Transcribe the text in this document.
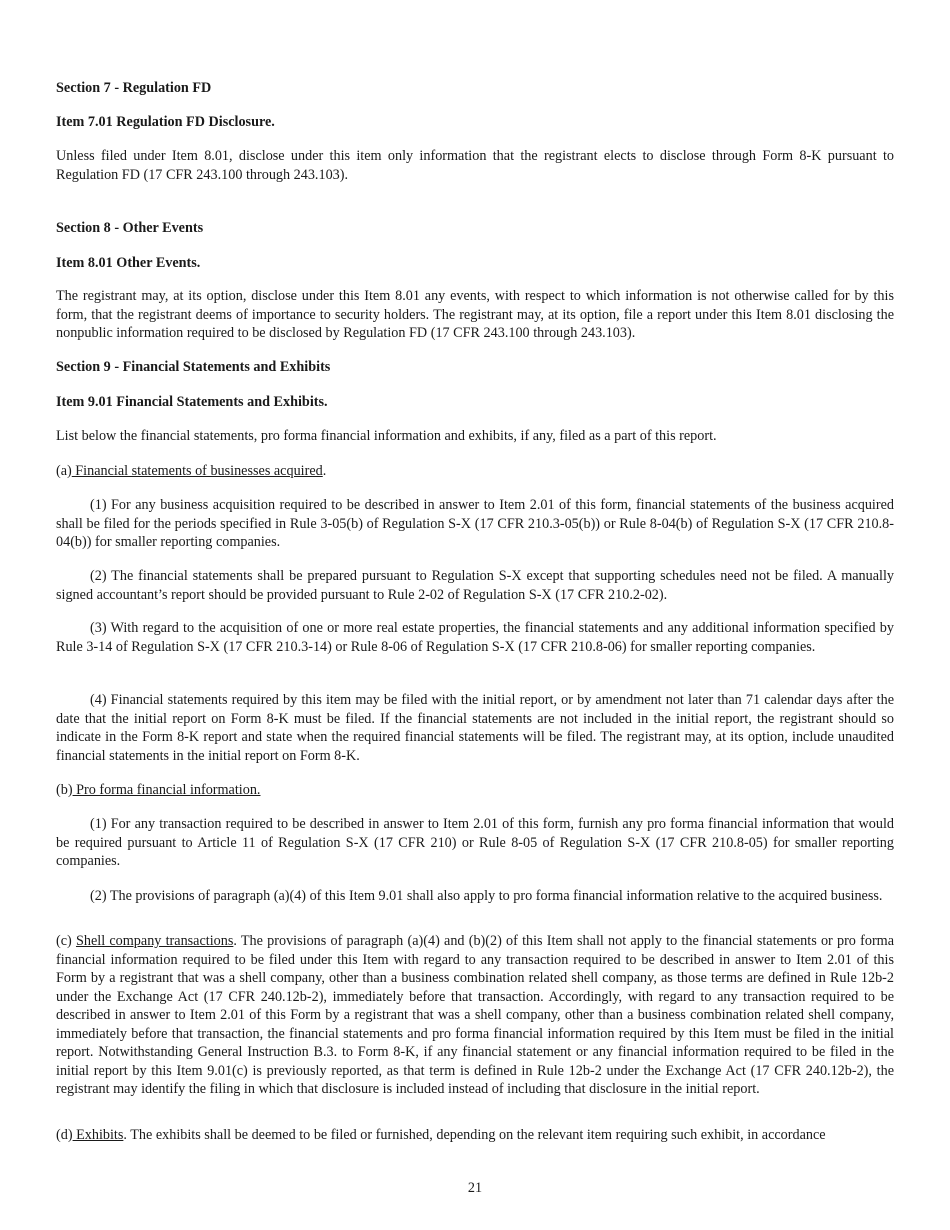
Section 7 - Regulation FD

Item 7.01 Regulation FD Disclosure.

Unless filed under Item 8.01, disclose under this item only information that the registrant elects to disclose through Form 8-K pursuant to Regulation FD (17 CFR 243.100 through 243.103).

Section 8 - Other Events

Item 8.01 Other Events.

The registrant may, at its option, disclose under this Item 8.01 any events, with respect to which information is not otherwise called for by this form, that the registrant deems of importance to security holders. The registrant may, at its option, file a report under this Item 8.01 disclosing the nonpublic information required to be disclosed by Regulation FD (17 CFR 243.100 through 243.103).

Section 9 - Financial Statements and Exhibits

Item 9.01 Financial Statements and Exhibits.

List below the financial statements, pro forma financial information and exhibits, if any, filed as a part of this report.

(a) Financial statements of businesses acquired.

(1) For any business acquisition required to be described in answer to Item 2.01 of this form, financial statements of the business acquired shall be filed for the periods specified in Rule 3-05(b) of Regulation S-X (17 CFR 210.3-05(b)) or Rule 8-04(b) of Regulation S-X (17 CFR 210.8-04(b)) for smaller reporting companies.

(2) The financial statements shall be prepared pursuant to Regulation S-X except that supporting schedules need not be filed. A manually signed accountant’s report should be provided pursuant to Rule 2-02 of Regulation S-X (17 CFR 210.2-02).

(3) With regard to the acquisition of one or more real estate properties, the financial statements and any additional information specified by Rule 3-14 of Regulation S-X (17 CFR 210.3-14) or Rule 8-06 of Regulation S-X (17 CFR 210.8-06) for smaller reporting companies.

(4) Financial statements required by this item may be filed with the initial report, or by amendment not later than 71 calendar days after the date that the initial report on Form 8-K must be filed. If the financial statements are not included in the initial report, the registrant should so indicate in the Form 8-K report and state when the required financial statements will be filed. The registrant may, at its option, include unaudited financial statements in the initial report on Form 8-K.

(b) Pro forma financial information.

(1) For any transaction required to be described in answer to Item 2.01 of this form, furnish any pro forma financial information that would be required pursuant to Article 11 of Regulation S-X (17 CFR 210) or Rule 8-05 of Regulation S-X (17 CFR 210.8-05) for smaller reporting companies.

(2) The provisions of paragraph (a)(4) of this Item 9.01 shall also apply to pro forma financial information relative to the acquired business.

(c) Shell company transactions. The provisions of paragraph (a)(4) and (b)(2) of this Item shall not apply to the financial statements or pro forma financial information required to be filed under this Item with regard to any transaction required to be described in answer to Item 2.01 of this Form by a registrant that was a shell company, other than a business combination related shell company, as those terms are defined in Rule 12b-2 under the Exchange Act (17 CFR 240.12b-2), immediately before that transaction. Accordingly, with regard to any transaction required to be described in answer to Item 2.01 of this Form by a registrant that was a shell company, other than a business combination related shell company, immediately before that transaction, the financial statements and pro forma financial information required by this Item must be filed in the initial report. Notwithstanding General Instruction B.3. to Form 8-K, if any financial statement or any financial information required to be filed in the initial report by this Item 9.01(c) is previously reported, as that term is defined in Rule 12b-2 under the Exchange Act (17 CFR 240.12b-2), the registrant may identify the filing in which that disclosure is included instead of including that disclosure in the initial report.

(d) Exhibits. The exhibits shall be deemed to be filed or furnished, depending on the relevant item requiring such exhibit, in accordance

21
